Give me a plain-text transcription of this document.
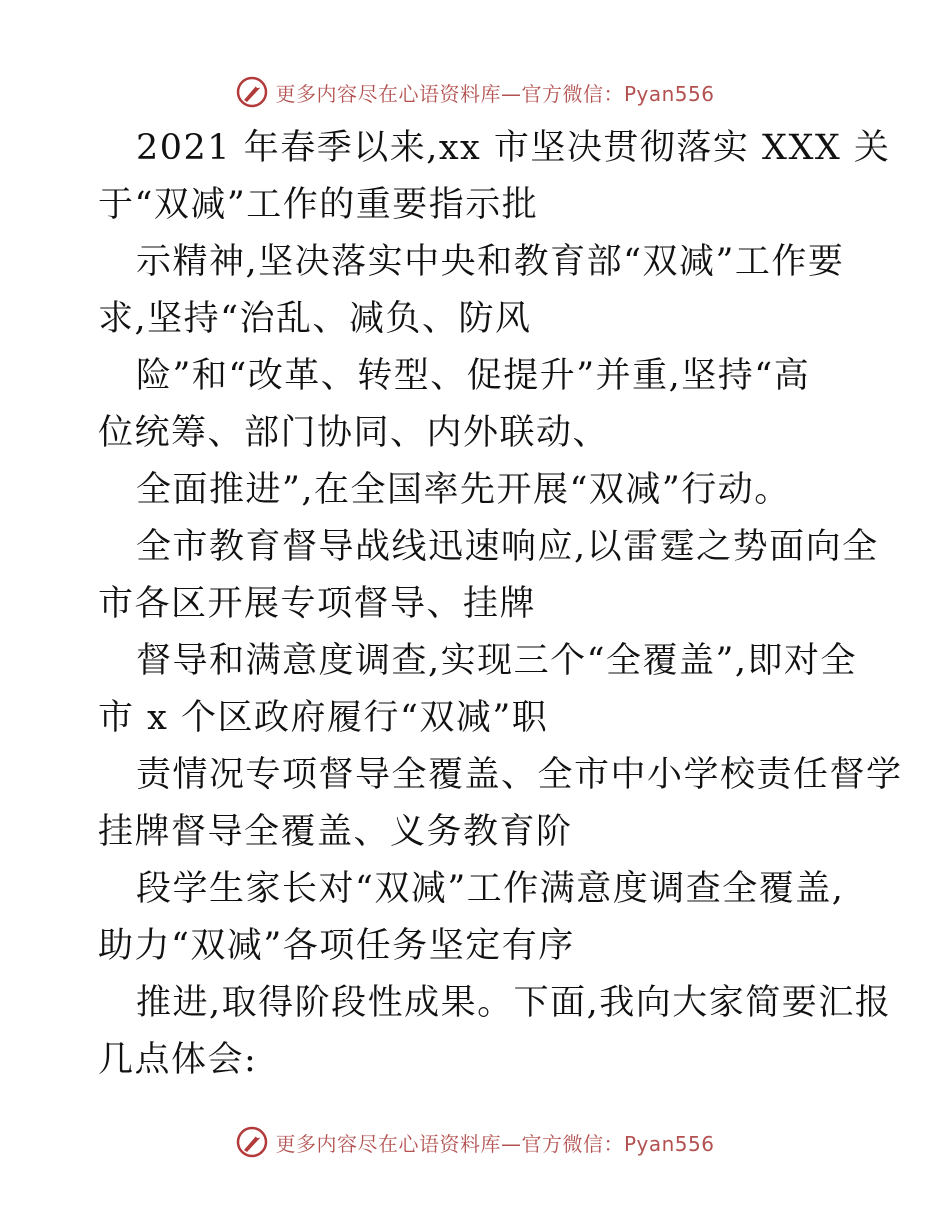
更多内容尽在心语资料库—官方微信：Pyan556
2021 年春季以来,xx 市坚决贯彻落实 XXX 关
于“双减”工作的重要指示批
示精神,坚决落实中央和教育部“双减”工作要
求,坚持“治乱、减负、防风
险”和“改革、转型、促提升”并重,坚持“高
位统筹、部门协同、内外联动、
全面推进”,在全国率先开展“双减”行动。
全市教育督导战线迅速响应,以雷霆之势面向全
市各区开展专项督导、挂牌
督导和满意度调查,实现三个“全覆盖”,即对全
市 x 个区政府履行“双减”职
责情况专项督导全覆盖、全市中小学校责任督学
挂牌督导全覆盖、义务教育阶
段学生家长对“双减”工作满意度调查全覆盖,
助力“双减”各项任务坚定有序
推进,取得阶段性成果。下面,我向大家简要汇报
几点体会:
更多内容尽在心语资料库—官方微信：Pyan556
